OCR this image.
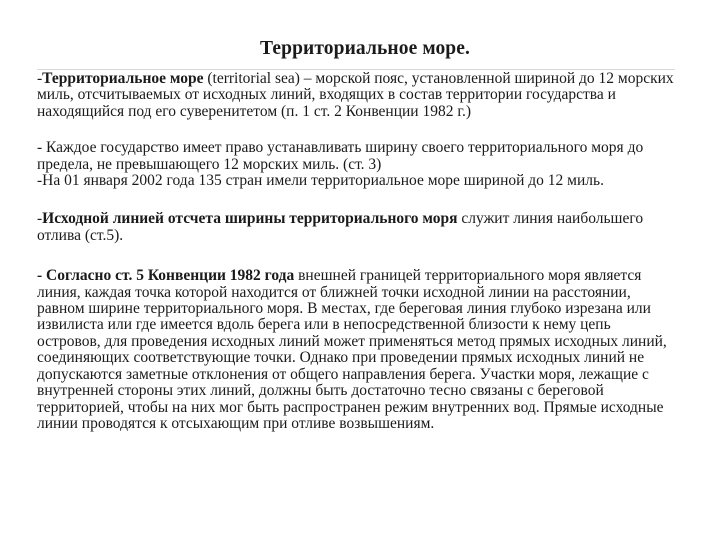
Территориальное море.

-Территориальное море (territorial sea) – морской пояс, установленной шириной до 12 морских миль, отсчитываемых от исходных линий, входящих в состав территории государства и находящийся под его суверенитетом (п. 1 ст. 2 Конвенции 1982 г.)

- Каждое государство имеет право устанавливать ширину своего территориального моря до предела, не превышающего 12 морских миль. (ст. 3)

-На 01 января 2002 года 135 стран имели территориальное море шириной до 12 миль.

-Исходной линией отсчета ширины территориального моря служит линия наибольшего отлива (ст.5).

- Согласно ст. 5 Конвенции 1982 года внешней границей территориального моря является линия, каждая точка которой находится от ближней точки исходной линии на расстоянии, равном ширине территориального моря. В местах, где береговая линия глубоко изрезана или извилиста или где имеется вдоль берега или в непосредственной близости к нему цепь островов, для проведения исходных линий может применяться метод прямых исходных линий, соединяющих соответствующие точки. Однако при проведении прямых исходных линий не допускаются заметные отклонения от общего направления берега. Участки моря, лежащие с внутренней стороны этих линий, должны быть достаточно тесно связаны с береговой территорией, чтобы на них мог быть распространен режим внутренних вод. Прямые исходные линии проводятся к отсыхающим при отливе возвышениям.
